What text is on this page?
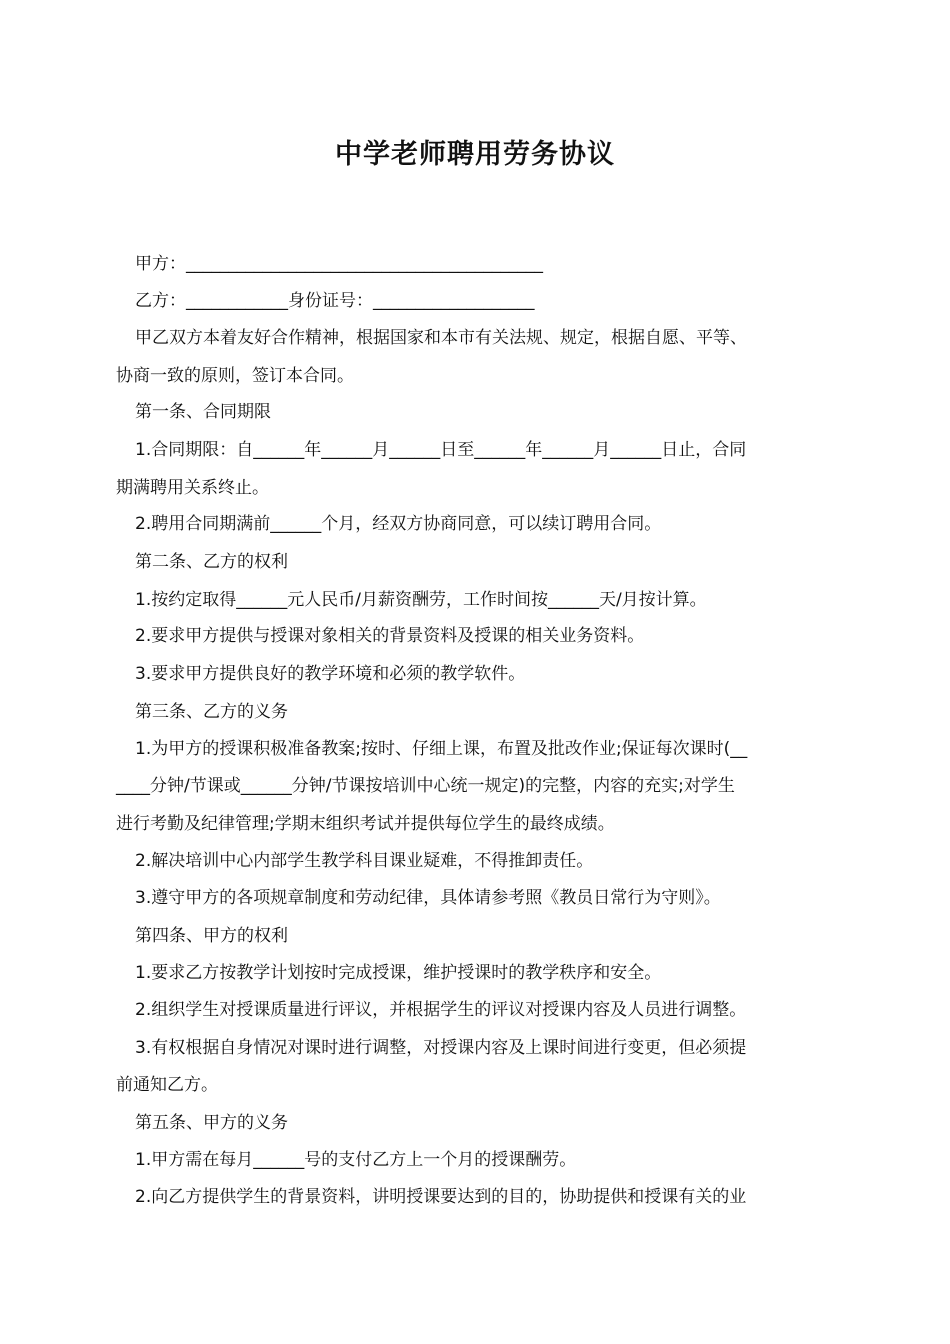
中学老师聘用劳务协议
甲方：__________________________________________
乙方：____________身份证号：___________________
甲乙双方本着友好合作精神，根据国家和本市有关法规、规定，根据自愿、平等、
协商一致的原则，签订本合同。
第一条、合同期限
1.合同期限：自______年______月______日至______年______月______日止，合同
期满聘用关系终止。
2.聘用合同期满前______个月，经双方协商同意，可以续订聘用合同。
第二条、乙方的权利
1.按约定取得______元人民币/月薪资酬劳，工作时间按______天/月按计算。
2.要求甲方提供与授课对象相关的背景资料及授课的相关业务资料。
3.要求甲方提供良好的教学环境和必须的教学软件。
第三条、乙方的义务
1.为甲方的授课积极准备教案;按时、仔细上课，布置及批改作业;保证每次课时(__
____分钟/节课或______分钟/节课按培训中心统一规定)的完整，内容的充实;对学生
进行考勤及纪律管理;学期末组织考试并提供每位学生的最终成绩。
2.解决培训中心内部学生教学科目课业疑难，不得推卸责任。
3.遵守甲方的各项规章制度和劳动纪律，具体请参考照《教员日常行为守则》。
第四条、甲方的权利
1.要求乙方按教学计划按时完成授课，维护授课时的教学秩序和安全。
2.组织学生对授课质量进行评议，并根据学生的评议对授课内容及人员进行调整。
3.有权根据自身情况对课时进行调整，对授课内容及上课时间进行变更，但必须提
前通知乙方。
第五条、甲方的义务
1.甲方需在每月______号的支付乙方上一个月的授课酬劳。
2.向乙方提供学生的背景资料，讲明授课要达到的目的，协助提供和授课有关的业
